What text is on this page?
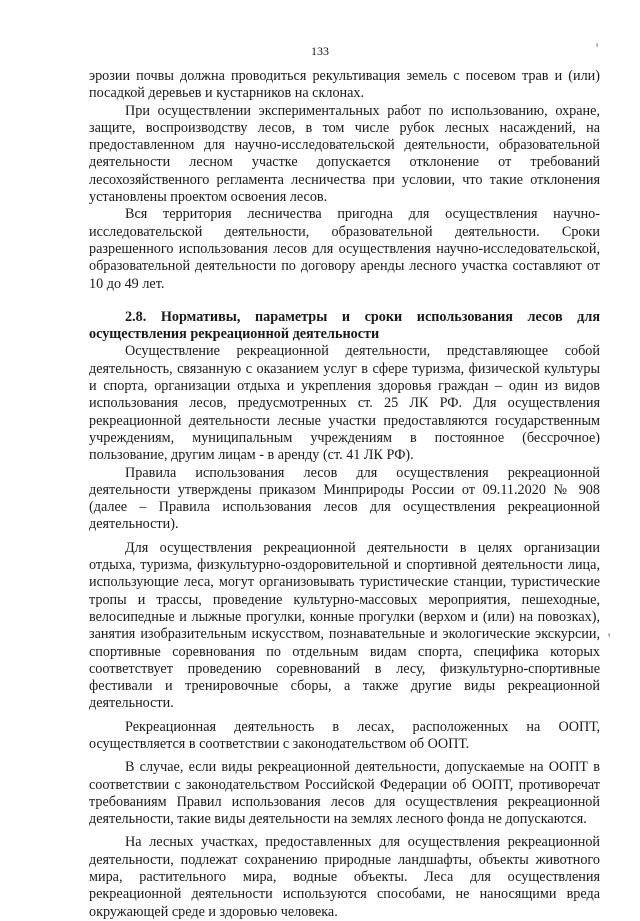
133

эрозии почвы должна проводиться рекультивация земель с посевом трав и (или) посадкой деревьев и кустарников на склонах.

При осуществлении экспериментальных работ по использованию, охране, защите, воспроизводству лесов, в том числе рубок лесных насаждений, на предоставленном для научно-исследовательской деятельности, образовательной деятельности лесном участке допускается отклонение от требований лесохозяйственного регламента лесничества при условии, что такие отклонения установлены проектом освоения лесов.

Вся территория лесничества пригодна для осуществления научно-исследовательской деятельности, образовательной деятельности. Сроки разрешенного использования лесов для осуществления научно-исследовательской, образовательной деятельности по договору аренды лесного участка составляют от 10 до 49 лет.

2.8. Нормативы, параметры и сроки использования лесов для осуществления рекреационной деятельности

Осуществление рекреационной деятельности, представляющее собой деятельность, связанную с оказанием услуг в сфере туризма, физической культуры и спорта, организации отдыха и укрепления здоровья граждан – один из видов использования лесов, предусмотренных ст. 25 ЛК РФ. Для осуществления рекреационной деятельности лесные участки предоставляются государственным учреждениям, муниципальным учреждениям в постоянное (бессрочное) пользование, другим лицам - в аренду (ст. 41 ЛК РФ).

Правила использования лесов для осуществления рекреационной деятельности утверждены приказом Минприроды России от 09.11.2020 № 908 (далее – Правила использования лесов для осуществления рекреационной деятельности).

Для осуществления рекреационной деятельности в целях организации отдыха, туризма, физкультурно-оздоровительной и спортивной деятельности лица, использующие леса, могут организовывать туристические станции, туристические тропы и трассы, проведение культурно-массовых мероприятия, пешеходные, велосипедные и лыжные прогулки, конные прогулки (верхом и (или) на повозках), занятия изобразительным искусством, познавательные и экологические экскурсии, спортивные соревнования по отдельным видам спорта, специфика которых соответствует проведению соревнований в лесу, физкультурно-спортивные фестивали и тренировочные сборы, а также другие виды рекреационной деятельности.

Рекреационная деятельность в лесах, расположенных на ООПТ, осуществляется в соответствии с законодательством об ООПТ.

В случае, если виды рекреационной деятельности, допускаемые на ООПТ в соответствии с законодательством Российской Федерации об ООПТ, противоречат требованиям Правил использования лесов для осуществления рекреационной деятельности, такие виды деятельности на землях лесного фонда не допускаются.

На лесных участках, предоставленных для осуществления рекреационной деятельности, подлежат сохранению природные ландшафты, объекты животного мира, растительного мира, водные объекты. Леса для осуществления рекреационной деятельности используются способами, не наносящими вреда окружающей среде и здоровью человека.

ꞌ
ꞌ
